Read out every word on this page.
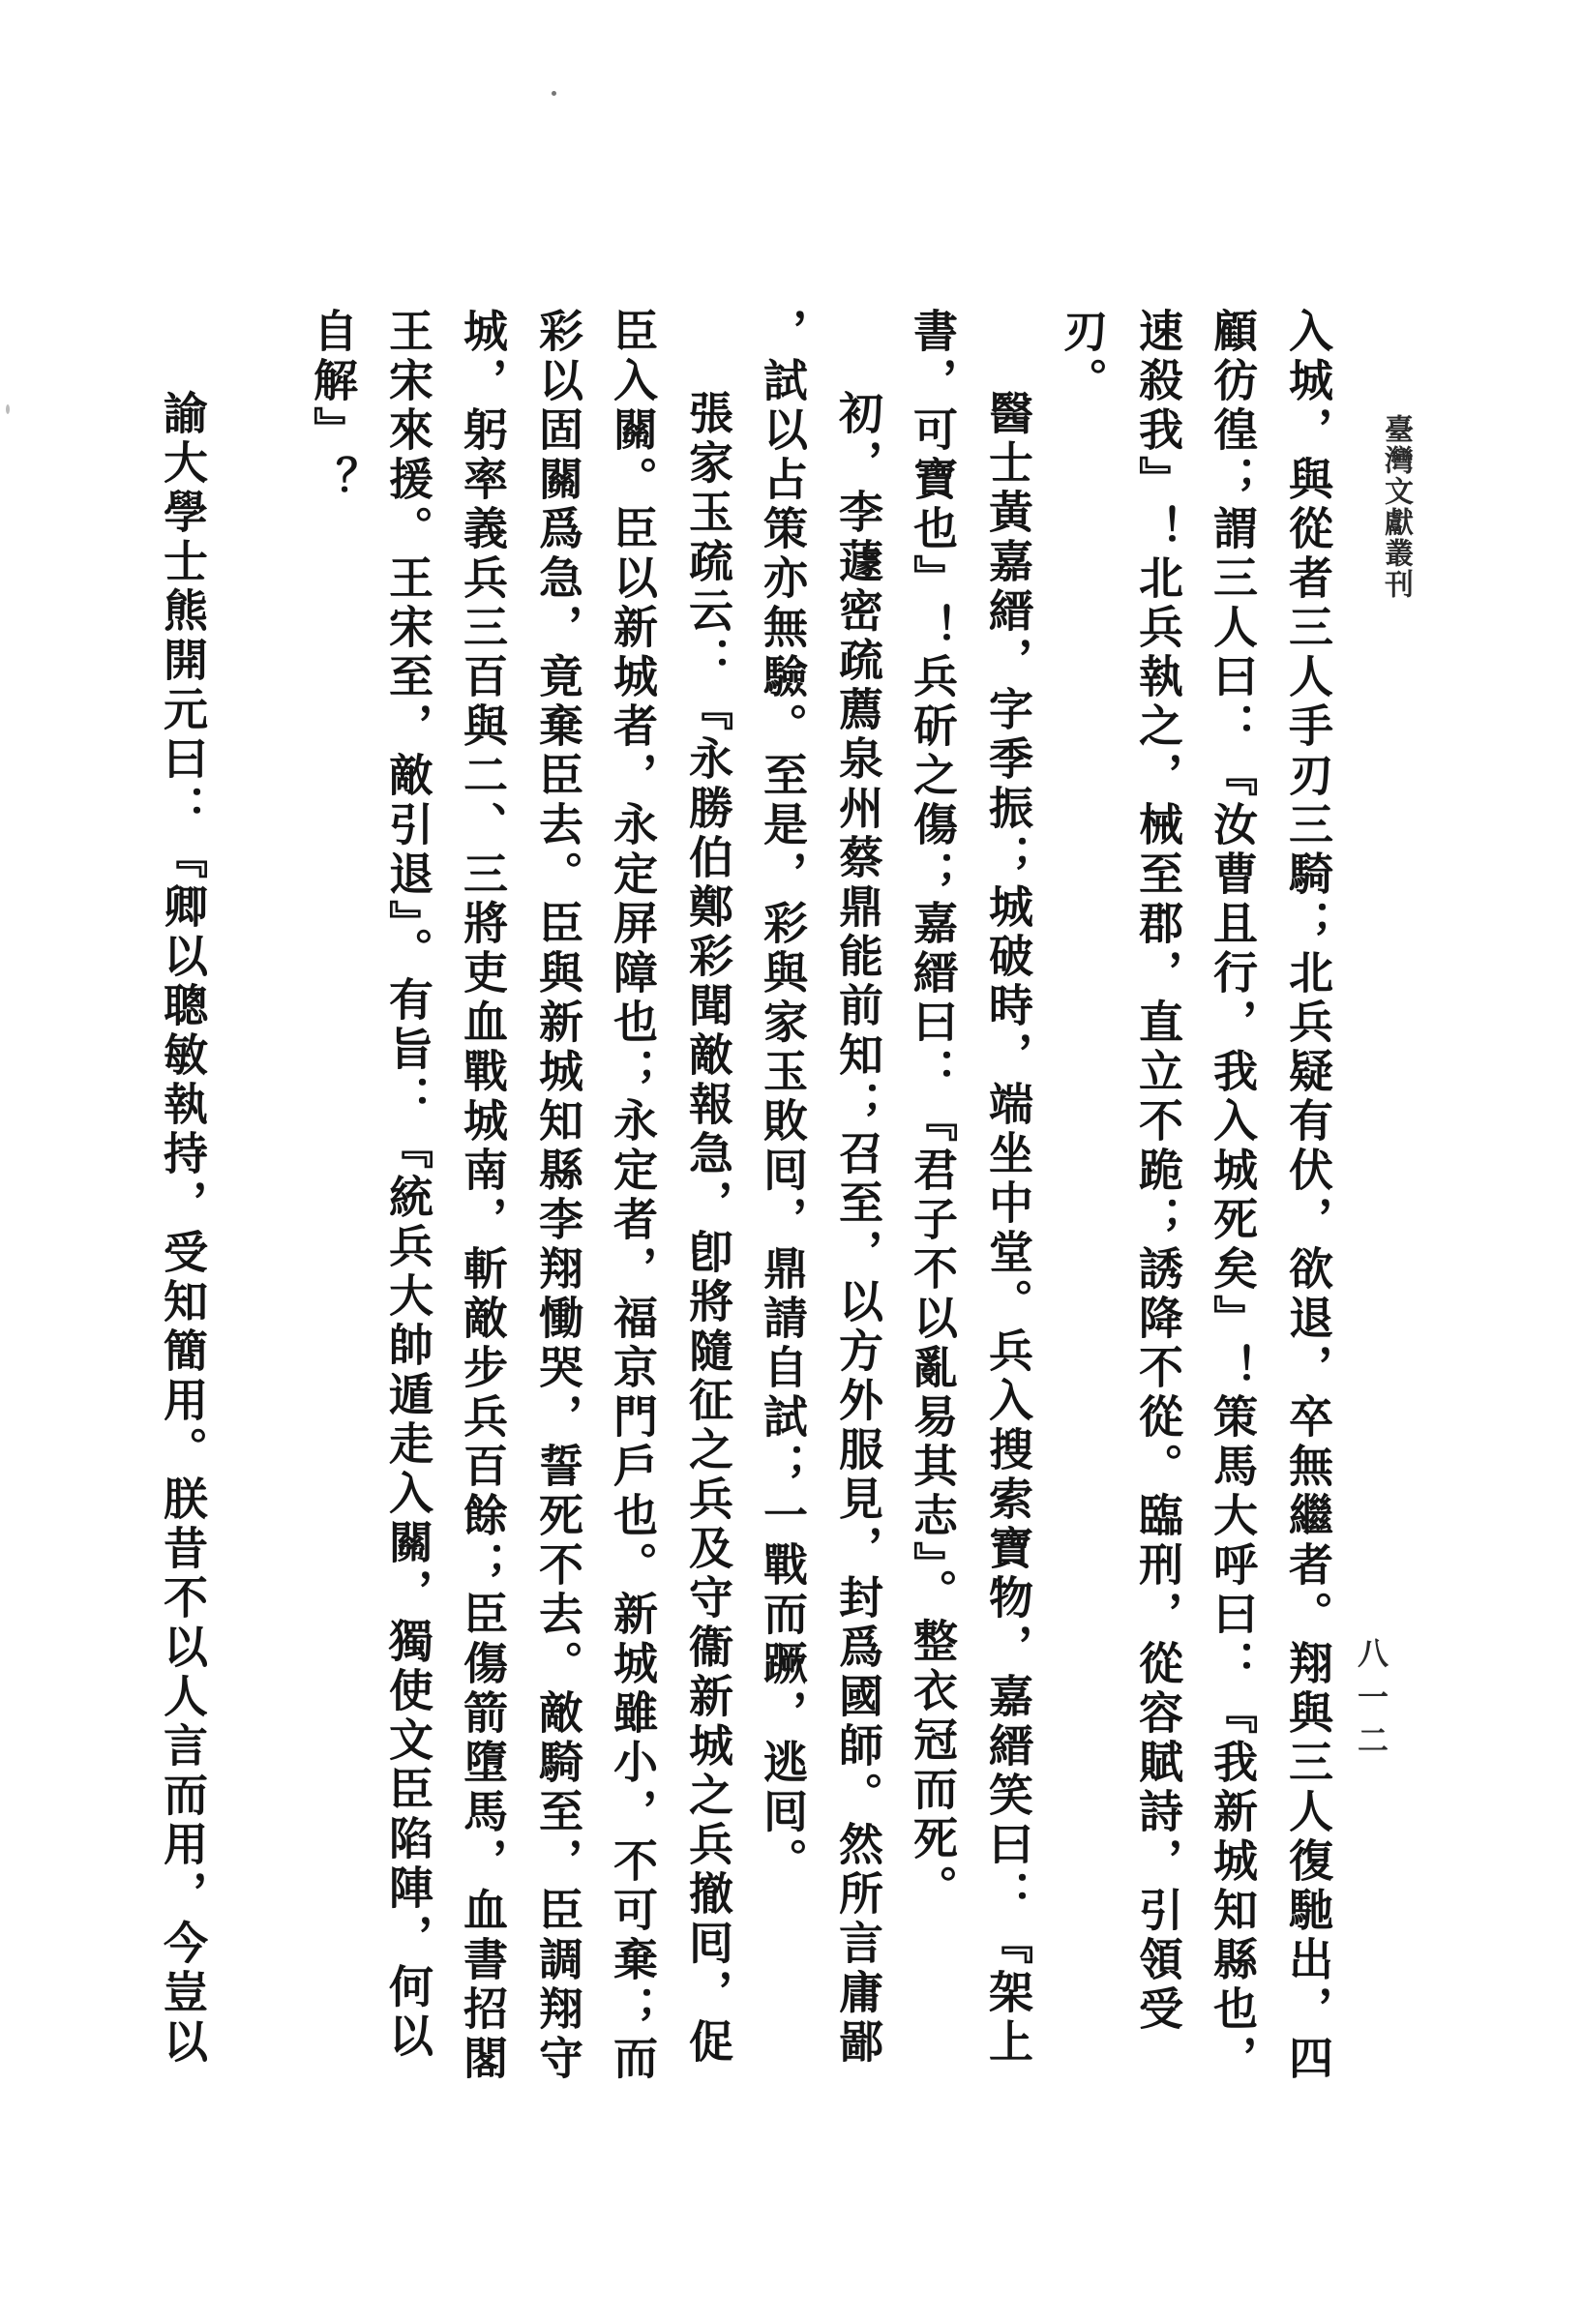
臺灣文獻叢刊
八一二
入城，與從者三人手刃三騎；北兵疑有伏，欲退，卒無繼者。翔與三人復馳出，四
顧彷徨；謂三人曰：『汝曹且行，我入城死矣』！策馬大呼曰：『我新城知縣也，
速殺我』！北兵執之，械至郡，直立不跪；誘降不從。臨刑，從容賦詩，引領受
刃。
醫士黃嘉縉，字季振；城破時，端坐中堂。兵入搜索寶物，嘉縉笑曰：『架上
書，可寶也』！兵斫之傷；嘉縉曰：『君子不以亂易其志』。整衣冠而死。
初，李蘧密疏薦泉州蔡鼎能前知；召至，以方外服見，封爲國師。然所言庸鄙
，試以占策亦無驗。至是，彩與家玉敗囘，鼎請自試；一戰而蹶，逃囘。
張家玉疏云：『永勝伯鄭彩聞敵報急，卽將隨征之兵及守衞新城之兵撤囘，促
臣入關。臣以新城者，永定屏障也；永定者，福京門戶也。新城雖小，不可棄；而
彩以固關爲急，竟棄臣去。臣與新城知縣李翔慟哭，誓死不去。敵騎至，臣調翔守
城，躬率義兵三百與二、三將吏血戰城南，斬敵步兵百餘；臣傷箭墮馬，血書招閣
王宋來援。王宋至，敵引退』。有旨：『統兵大帥遁走入關，獨使文臣陷陣，何以
自解』？
諭大學士熊開元曰：『卿以聰敏執持，受知簡用。朕昔不以人言而用，今豈以
